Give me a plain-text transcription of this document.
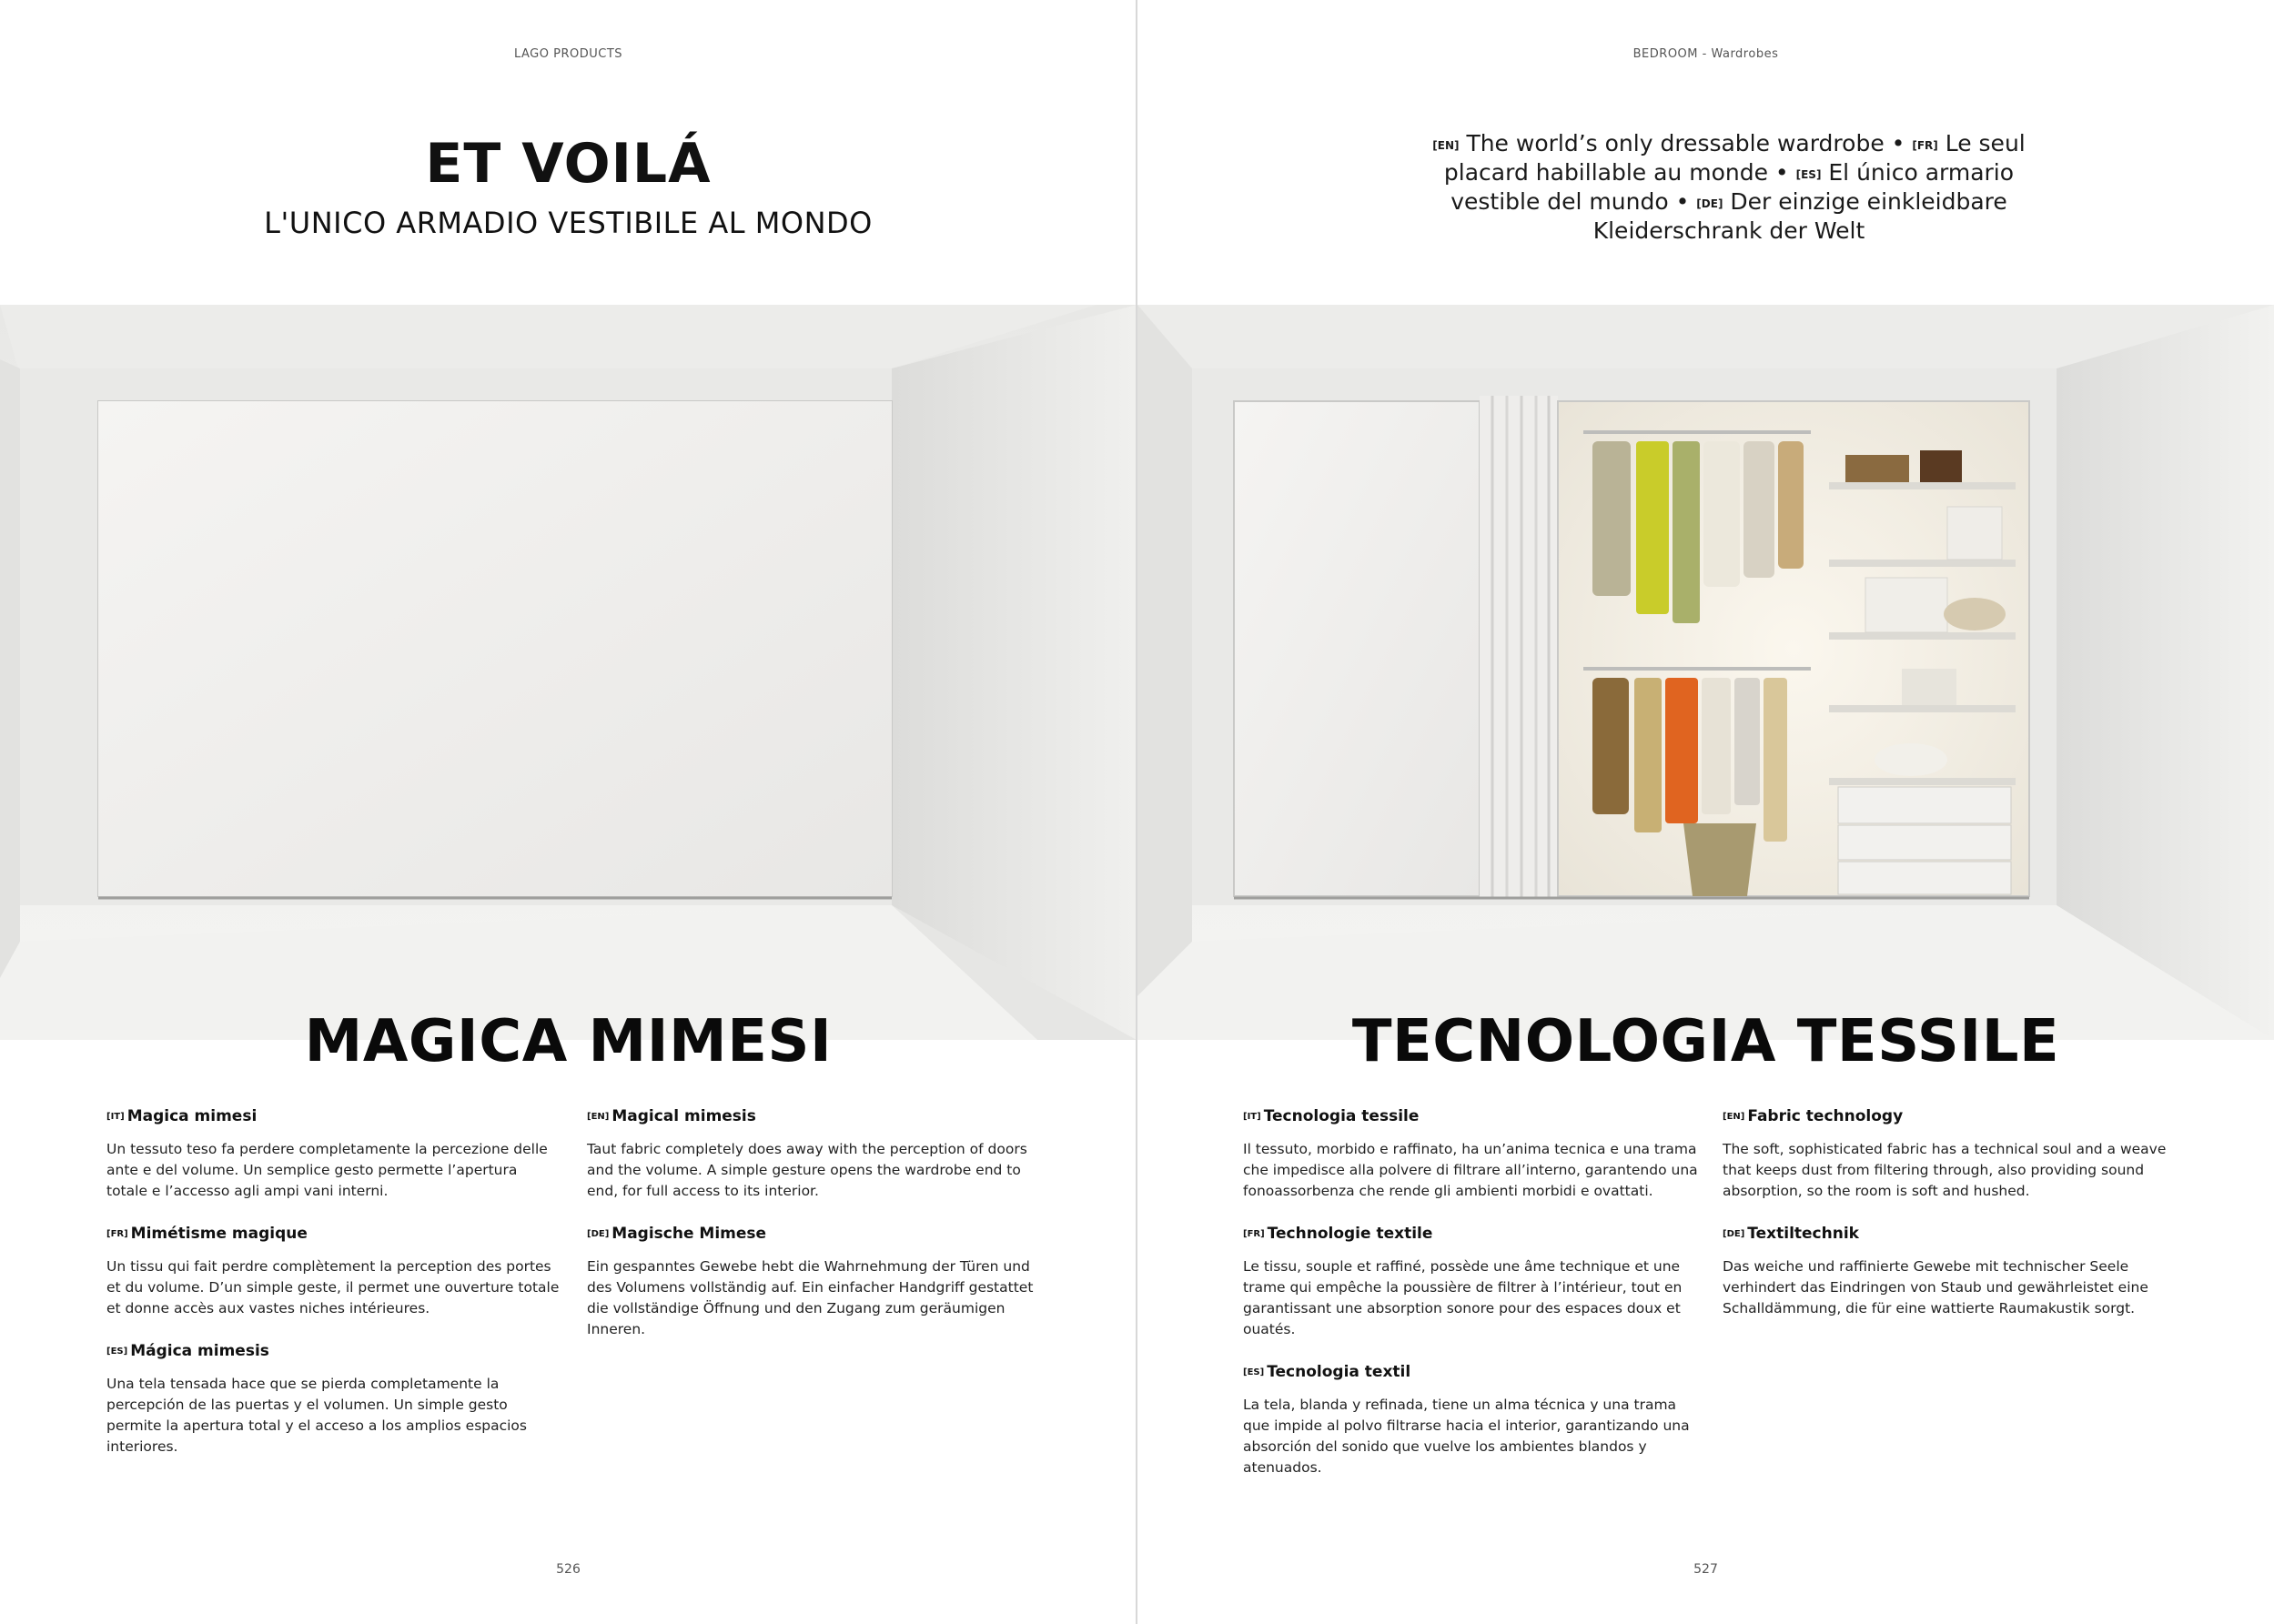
LAGO PRODUCTS
ET VOILÁ
L'UNICO ARMADIO VESTIBILE AL MONDO
MAGICA MIMESI
[IT] Magica mimesi
Un tessuto teso fa perdere completamente la percezione delle ante e del volume. Un semplice gesto permette l’apertura totale e l’accesso agli ampi vani interni.
[FR] Mimétisme magique
Un tissu qui fait perdre complètement la perception des portes et du volume. D’un simple geste, il permet une ouverture totale et donne accès aux vastes niches intérieures.
[ES] Mágica mimesis
Una tela tensada hace que se pierda completamente la percepción de las puertas y el volumen. Un simple gesto permite la apertura total y el acceso a los amplios espacios interiores.
[EN] Magical mimesis
Taut fabric completely does away with the perception of doors and the volume. A simple gesture opens the wardrobe end to end, for full access to its interior.
[DE] Magische Mimese
Ein gespanntes Gewebe hebt die Wahrnehmung der Türen und des Volumens vollständig auf. Ein einfacher Handgriff gestattet die vollständige Öffnung und den Zugang zum geräumigen Inneren.
526
BEDROOM - Wardrobes
[EN] The world’s only dressable wardrobe • [FR] Le seul placard habillable au monde • [ES] El único armario vestible del mundo • [DE] Der einzige einkleidbare Kleiderschrank der Welt
TECNOLOGIA TESSILE
[IT] Tecnologia tessile
Il tessuto, morbido e raffinato, ha un’anima tecnica e una trama che impedisce alla polvere di filtrare all’interno, garantendo una fonoassorbenza che rende gli ambienti morbidi e ovattati.
[FR] Technologie textile
Le tissu, souple et raffiné, possède une âme technique et une trame qui empêche la poussière de filtrer à l’intérieur, tout en garantissant une absorption sonore pour des espaces doux et ouatés.
[ES] Tecnologia textil
La tela, blanda y refinada, tiene un alma técnica y una trama que impide al polvo filtrarse hacia el interior, garantizando una absorción del sonido que vuelve los ambientes blandos y atenuados.
[EN] Fabric technology
The soft, sophisticated fabric has a technical soul and a weave that keeps dust from filtering through, also providing sound absorption, so the room is soft and hushed.
[DE] Textiltechnik
Das weiche und raffinierte Gewebe mit technischer Seele verhindert das Eindringen von Staub und gewährleistet eine Schalldämmung, die für eine wattierte Raumakustik sorgt.
527
